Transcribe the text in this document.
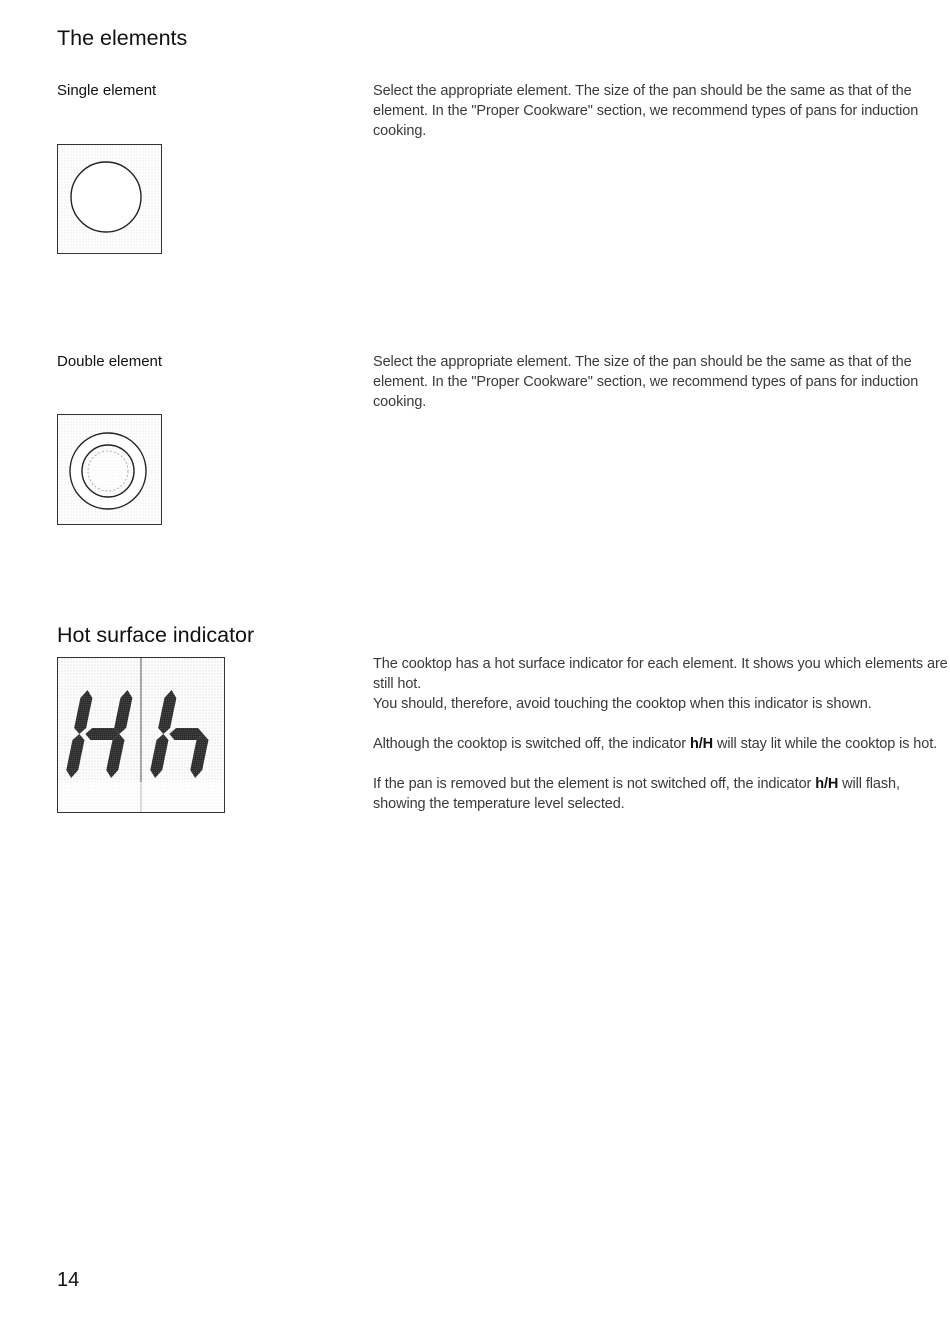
The elements
Single element	Select the appropriate element. The size of the pan should be the same as that of the element. In the "Proper Cookware" section, we recommend types of pans for induction cooking.
Double element	Select the appropriate element. The size of the pan should be the same as that of the element. In the "Proper Cookware" section, we recommend types of pans for induction cooking.
Hot surface indicator

The cooktop has a hot surface indicator for each element. It shows you which elements are still hot.

You should, therefore, avoid touching the cooktop when this indicator is shown.

Although the cooktop is switched off, the indicator h/H will stay lit while the cooktop is hot.

If the pan is removed but the element is not switched off, the indicator h/H will flash, showing the temperature level selected.

14
